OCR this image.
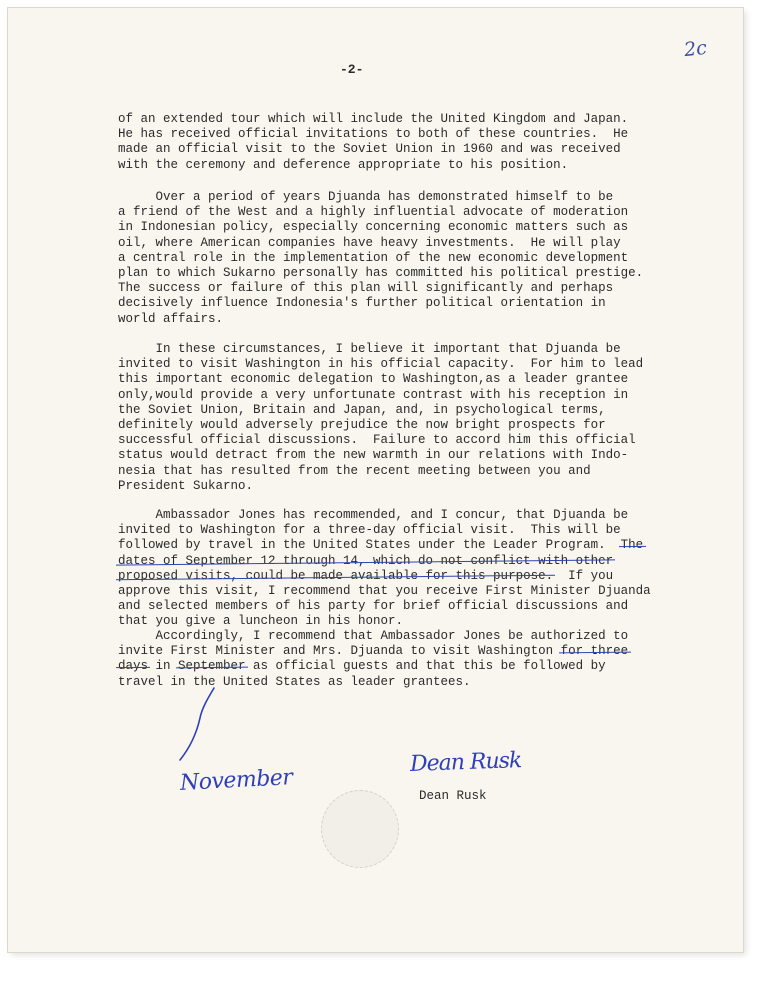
-2-
2c

of an extended tour which will include the United Kingdom and Japan.
He has received official invitations to both of these countries.  He
made an official visit to the Soviet Union in 1960 and was received
with the ceremony and deference appropriate to his position.

Over a period of years Djuanda has demonstrated himself to be
a friend of the West and a highly influential advocate of moderation
in Indonesian policy, especially concerning economic matters such as
oil, where American companies have heavy investments.  He will play
a central role in the implementation of the new economic development
plan to which Sukarno personally has committed his political prestige.
The success or failure of this plan will significantly and perhaps
decisively influence Indonesia's further political orientation in
world affairs.

In these circumstances, I believe it important that Djuanda be
invited to visit Washington in his official capacity.  For him to lead
this important economic delegation to Washington,as a leader grantee
only,would provide a very unfortunate contrast with his reception in
the Soviet Union, Britain and Japan, and, in psychological terms,
definitely would adversely prejudice the now bright prospects for
successful official discussions.  Failure to accord him this official
status would detract from the new warmth in our relations with Indo-
nesia that has resulted from the recent meeting between you and
President Sukarno.

Ambassador Jones has recommended, and I concur, that Djuanda be
invited to Washington for a three-day official visit.  This will be
followed by travel in the United States under the Leader Program.  The
dates of September 12 through 14, which do not conflict with other
proposed visits, could be made available for this purpose.  If you
approve this visit, I recommend that you receive First Minister Djuanda
and selected members of his party for brief official discussions and
that you give a luncheon in his honor.

Accordingly, I recommend that Ambassador Jones be authorized to
invite First Minister and Mrs. Djuanda to visit Washington for three
days in September as official guests and that this be followed by
travel in the United States as leader grantees.

Dean Rusk
Dean Rusk
November
